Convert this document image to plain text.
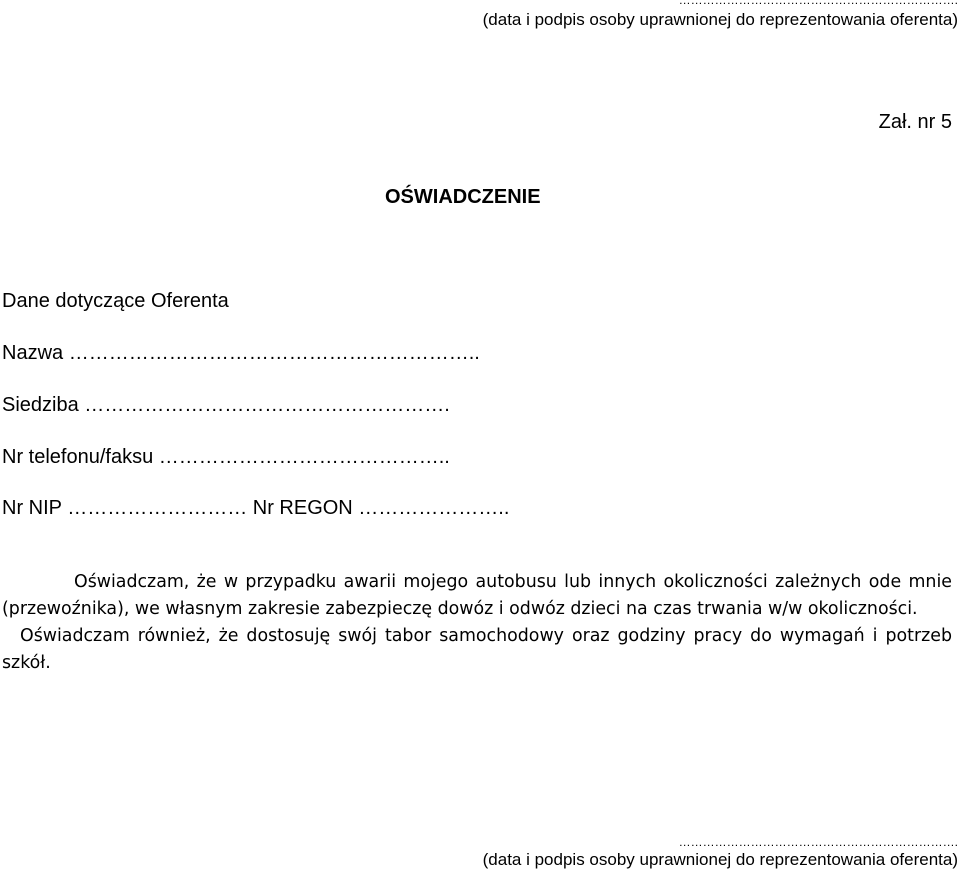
…………………………………………………………….
(data i podpis osoby uprawnionej do reprezentowania oferenta)
Zał. nr 5
OŚWIADCZENIE
Dane dotyczące Oferenta
Nazwa ……………………………………………………..
Siedziba ……………………………………………….
Nr telefonu/faksu ……………………………………..
Nr NIP ……………………… Nr REGON …………………..

Oświadczam, że w przypadku awarii mojego autobusu lub innych okoliczności zależnych ode mnie (przewoźnika), we własnym zakresie zabezpieczę dowóz i odwóz dzieci na czas trwania w/w okoliczności.

Oświadczam również, że dostosuję swój tabor samochodowy oraz godziny pracy do wymagań i potrzeb szkół.

…………………………………………………………….
(data i podpis osoby uprawnionej do reprezentowania oferenta)
